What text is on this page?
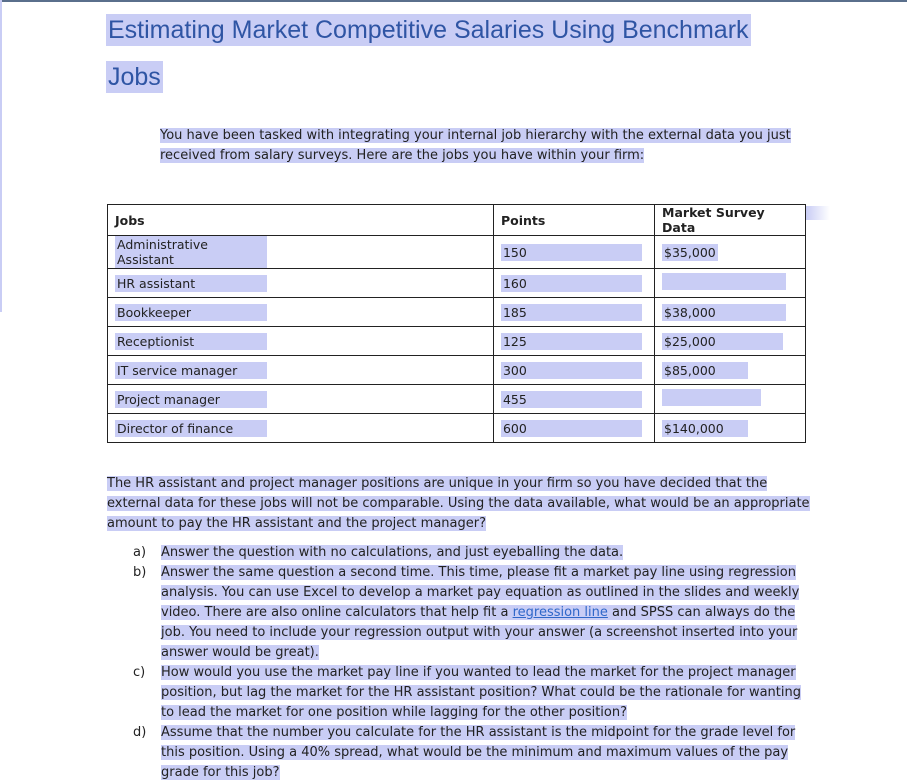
Estimating Market Competitive Salaries Using Benchmark
Jobs
You have been tasked with integrating your internal job hierarchy with the external data you just received from salary surveys. Here are the jobs you have within your firm:
Jobs	Points	Market Survey Data
Administrative Assistant	150	$35,000
HR assistant	160	
Bookkeeper	185	$38,000
Receptionist	125	$25,000
IT service manager	300	$85,000
Project manager	455	
Director of finance	600	$140,000
The HR assistant and project manager positions are unique in your firm so you have decided that the external data for these jobs will not be comparable. Using the data available, what would be an appropriate amount to pay the HR assistant and the project manager?
a)	Answer the question with no calculations, and just eyeballing the data.
b)	Answer the same question a second time. This time, please fit a market pay line using regression analysis. You can use Excel to develop a market pay equation as outlined in the slides and weekly video. There are also online calculators that help fit a regression line and SPSS can always do the job. You need to include your regression output with your answer (a screenshot inserted into your answer would be great).
c)	How would you use the market pay line if you wanted to lead the market for the project manager position, but lag the market for the HR assistant position? What could be the rationale for wanting to lead the market for one position while lagging for the other position?
d)	Assume that the number you calculate for the HR assistant is the midpoint for the grade level for this position. Using a 40% spread, what would be the minimum and maximum values of the pay grade for this job?
